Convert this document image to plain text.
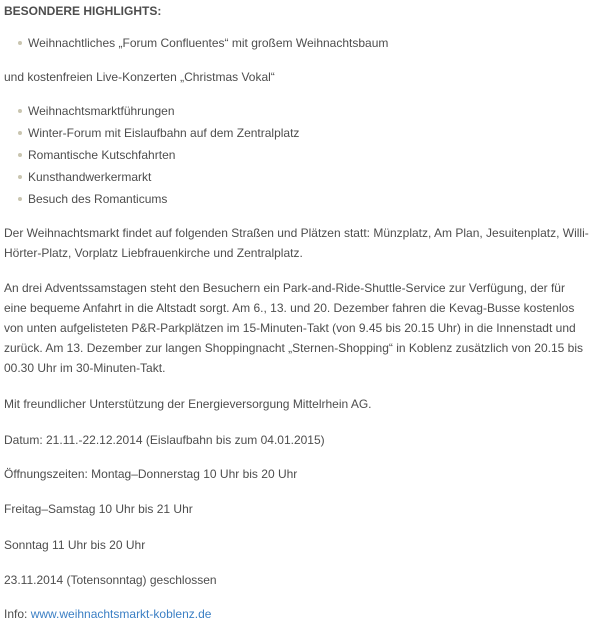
BESONDERE HIGHLIGHTS:
Weihnachtliches „Forum Confluentes“ mit großem Weihnachtsbaum

und kostenfreien Live-Konzerten „Christmas Vokal“

Weihnachtsmarktführungen
Winter-Forum mit Eislaufbahn auf dem Zentralplatz
Romantische Kutschfahrten
Kunsthandwerkermarkt
Besuch des Romanticums

Der Weihnachtsmarkt findet auf folgenden Straßen und Plätzen statt: Münzplatz, Am Plan, Jesuitenplatz, Willi-Hörter-Platz, Vorplatz Liebfrauenkirche und Zentralplatz.

An drei Adventssamstagen steht den Besuchern ein Park-and-Ride-Shuttle-Service zur Verfügung, der für eine bequeme Anfahrt in die Altstadt sorgt. Am 6., 13. und 20. Dezember fahren die Kevag-Busse kostenlos von unten aufgelisteten P&R-Parkplätzen im 15-Minuten-Takt (von 9.45 bis 20.15 Uhr) in die Innenstadt und zurück. Am 13. Dezember zur langen Shoppingnacht „Sternen-Shopping“ in Koblenz zusätzlich von 20.15 bis 00.30 Uhr im 30-Minuten-Takt.

Mit freundlicher Unterstützung der Energieversorgung Mittelrhein AG.

Datum: 21.11.-22.12.2014 (Eislaufbahn bis zum 04.01.2015)

Öffnungszeiten: Montag–Donnerstag 10 Uhr bis 20 Uhr

Freitag–Samstag 10 Uhr bis 21 Uhr

Sonntag 11 Uhr bis 20 Uhr

23.11.2014 (Totensonntag) geschlossen

Info: www.weihnachtsmarkt-koblenz.de
